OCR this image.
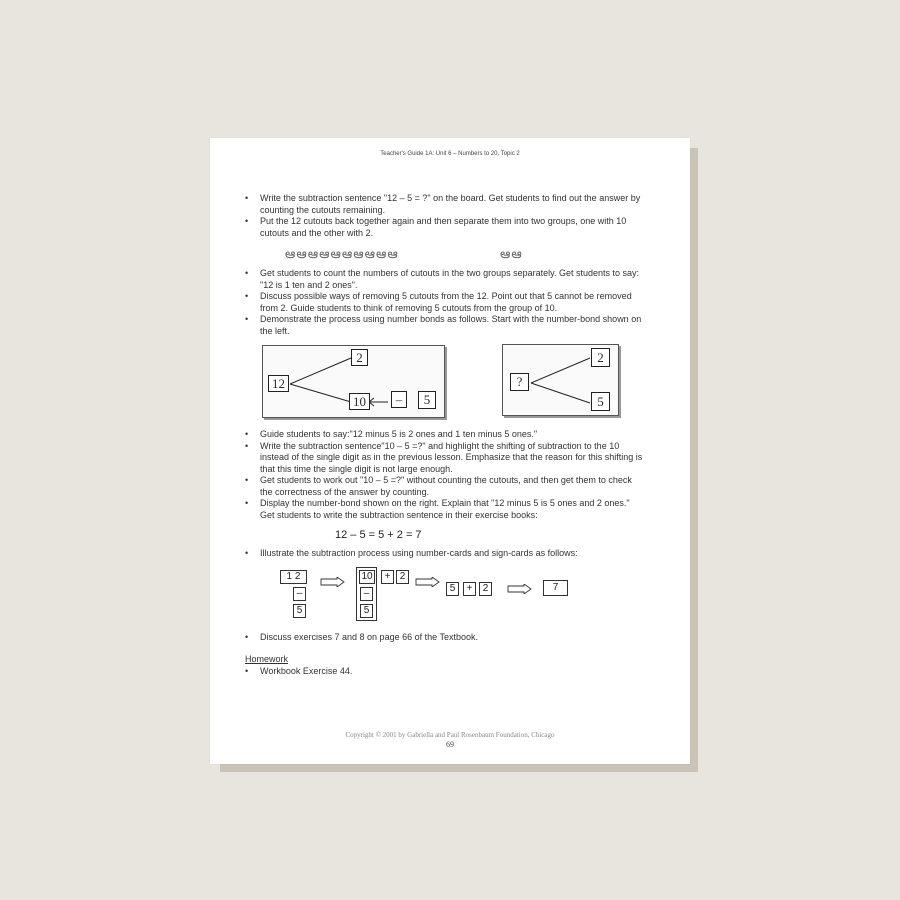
Teacher's Guide 1A: Unit 6 – Numbers to 20, Topic 2
• Write the subtraction sentence "12 – 5 = ?" on the board. Get students to find out the answer by counting the cutouts remaining.
• Put the 12 cutouts back together again and then separate them into two groups, one with 10 cutouts and the other with 2.
ఆఆఆఆఆఆఆఆఆఆ	ఆఆ
• Get students to count the numbers of cutouts in the two groups separately. Get students to say: "12 is 1 ten and 2 ones".
• Discuss possible ways of removing 5 cutouts from the 12. Point out that 5 cannot be removed from 2. Guide students to think of removing 5 cutouts from the group of 10.
• Demonstrate the process using number bonds as follows. Start with the number-bond shown on the left.
12
2
10	–	5
?
2
5
• Guide students to say:"12 minus 5 is 2 ones and 1 ten minus 5 ones."
• Write the subtraction sentence"10 – 5 =?" and highlight the shifting of subtraction to the 10 instead of the single digit as in the previous lesson. Emphasize that the reason for this shifting is that this time the single digit is not large enough.
• Get students to work out "10 – 5 =?" without counting the cutouts, and then get them to check the correctness of the answer by counting.
• Display the number-bond shown on the right. Explain that "12 minus 5 is 5 ones and 2 ones." Get students to write the subtraction sentence in their exercise books:
12 – 5 = 5 + 2 = 7
• Illustrate the subtraction process using number-cards and sign-cards as follows:
1 2
–
5
10	+ 2
–
5
5	+	2	7
• Discuss exercises 7 and 8 on page 66 of the Textbook.
Homework
• Workbook Exercise 44.
Copyright © 2001 by Gabriella and Paul Rosenbaum Foundation, Chicago
69
